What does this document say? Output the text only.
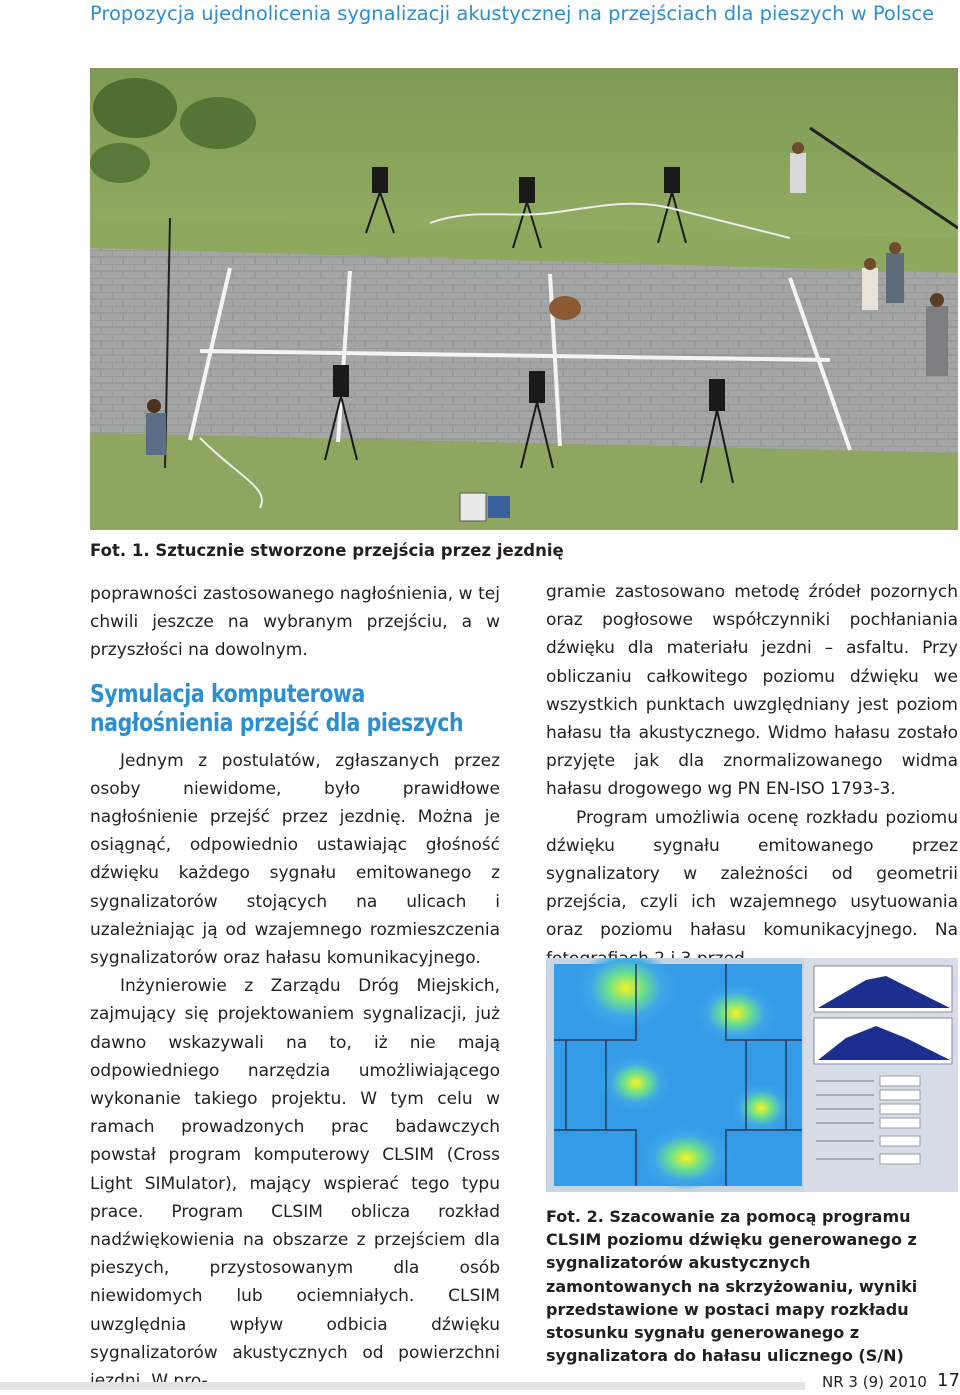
Propozycja ujednolicenia sygnalizacji akustycznej na przejściach dla pieszych w Polsce
Fot. 1. Sztucznie stworzone przejścia przez jezdnię

poprawności zastosowanego nagłośnienia, w tej chwili jeszcze na wybranym przejściu, a w przyszłości na dowolnym.

Symulacja komputerowa nagłośnienia przejść dla pieszych

Jednym z postulatów, zgłaszanych przez osoby niewidome, było prawidłowe nagłośnienie przejść przez jezdnię. Można je osiągnąć, odpowiednio ustawiając głośność dźwięku każdego sygnału emitowanego z sygnalizatorów stojących na ulicach i uzależniając ją od wzajemnego rozmieszczenia sygnalizatorów oraz hałasu komunikacyjnego.

Inżynierowie z Zarządu Dróg Miejskich, zajmujący się projektowaniem sygnalizacji, już dawno wskazywali na to, iż nie mają odpowiedniego narzędzia umożliwiającego wykonanie takiego projektu. W tym celu w ramach prowadzonych prac badawczych powstał program komputerowy CLSIM (Cross Light SIMulator), mający wspierać tego typu prace. Program CLSIM oblicza rozkład nadźwiękowienia na obszarze z przejściem dla pieszych, przystosowanym dla osób niewidomych lub ociemniałych. CLSIM uwzględnia wpływ odbicia dźwięku sygnalizatorów akustycznych od powierzchni

gramie zastosowano metodę źródeł pozornych oraz pogłosowe współczynniki pochłaniania dźwięku dla materiału jezdni – asfaltu. Przy obliczaniu całkowitego poziomu dźwięku we wszystkich punktach uwzględniany jest poziom hałasu tła akustycznego. Widmo hałasu zostało przyjęte jak dla znormalizowanego widma hałasu drogowego wg PN EN-ISO 1793-3.

Program umożliwia ocenę rozkładu poziomu dźwięku sygnału emitowanego przez sygnalizatory w zależności od geometrii przejścia, czyli ich wzajemnego usytuowania oraz poziomu hałasu komunikacyjnego. Na

Fot. 2. Szacowanie za pomocą programu CLSIM poziomu dźwięku generowanego z sygnalizatorów akustycznych zamontowanych na skrzyżowaniu, wyniki przedstawione w postaci mapy rozkładu stosunku sygnału generowanego z sygnalizatora do hałasu ulicznego (S/N)
NR 3 (9) 2010 17
